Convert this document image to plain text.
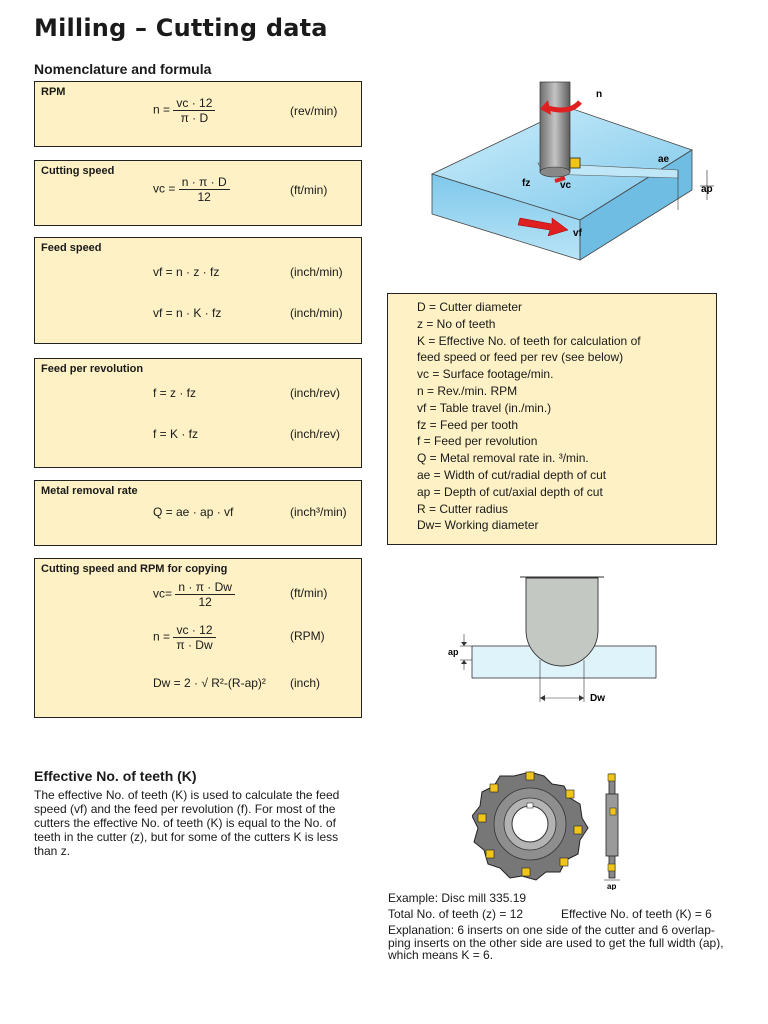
Milling – Cutting data
Nomenclature and formula
RPM
$n = \frac{vc \cdot 12}{\pi \cdot D}$	(rev/min)
Cutting speed
vc = $\frac{n \cdot \pi \cdot D}{12}$	(ft/min)
Feed speed
vf = n · z · fz	(inch/min)
vf = n · K · fz	(inch/min)
Feed per revolution
f = z · fz	(inch/rev)
f = K · fz	(inch/rev)
Metal removal rate
Q = ae · ap · vf	(inch³/min)
Cutting speed and RPM for copying
$vc= \frac{n \cdot \pi \cdot Dw}{12}$	(ft/min)
$n = \frac{vc \cdot 12}{\pi \cdot Dw}$	(RPM)
Dw = 2 · √ R²-(R-ap)² (inch)
n
ae
ap
fz	vc
vf
D = Cutter diameter
z = No of teeth
K = Effective No. of teeth for calculation of
feed speed or feed per rev (see below)
vc = Surface footage/min.
n = Rev./min. RPM
vf = Table travel (in./min.)
fz = Feed per tooth
f = Feed per revolution
Q = Metal removal rate in. ³/min.
ae = Width of cut/radial depth of cut
ap = Depth of cut/axial depth of cut
R = Cutter radius
Dw= Working diameter
ap
Dw
Effective No. of teeth (K)
The effective No. of teeth (K) is used to calculate the feed speed (vf) and the feed per revolution (f). For most of the cutters the effective No. of teeth (K) is equal to the No. of teeth in the cutter (z), but for some of the cutters K is less than z.
ap
Example: Disc mill 335.19
Total No. of teeth (z) = 12	Effective No. of teeth (K) = 6
Explanation: 6 inserts on one side of the cutter and 6 overlap-
ping inserts on the other side are used to get the full width (ap),
which means K = 6.
